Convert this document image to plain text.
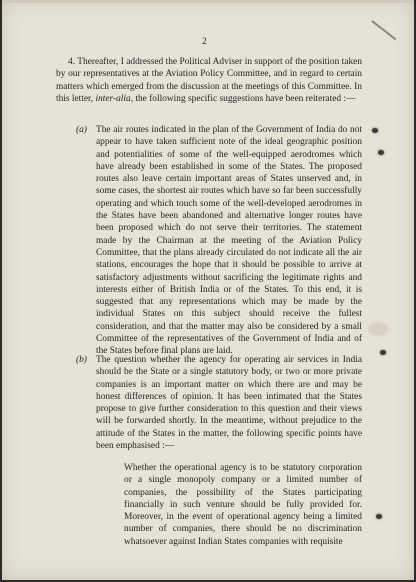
2
4. Thereafter, I addressed the Political Adviser in support of the position taken by our representatives at the Aviation Policy Committee, and in regard to certain matters which emerged from the discussion at the meetings of this Committee. In this letter, inter-alia, the following specific suggestions have been reiterated :—
(a) The air routes indicated in the plan of the Government of India do not appear to have taken sufficient note of the ideal geographic position and potentialities of some of the well-equipped aerodromes which have already been established in some of the States. The proposed routes also leave certain important areas of States unserved and, in some cases, the shortest air routes which have so far been successfully operating and which touch some of the well-developed aerodromes in the States have been abandoned and alternative longer routes have been proposed which do not serve their territories. The statement made by the Chairman at the meeting of the Aviation Policy Committee, that the plans already circulated do not indicate all the air stations, encourages the hope that it should be possible to arrive at satisfactory adjustments without sacrificing the legitimate rights and interests either of British India or of the States. To this end, it is suggested that any representations which may be made by the individual States on this subject should receive the fullest consideration, and that the matter may also be considered by a small Committee of the representatives of the Government of India and of the States before final plans are laid.
(b) The question whether the agency for operating air services in India should be the State or a single statutory body, or two or more private companies is an important matter on which there are and may be honest differences of opinion. It has been intimated that the States propose to give further consideration to this question and their views will be forwarded shortly. In the meantime, without prejudice to the attitude of the States in the matter, the following specific points have been emphasised :—
Whether the operational agency is to be statutory corporation or a single monopoly company or a limited number of companies, the possibility of the States participating financially in such venture should be fully provided for. Moreover, in the event of operational agency being a limited number of companies, there should be no discrimination whatsoever against Indian States companies with requisite
